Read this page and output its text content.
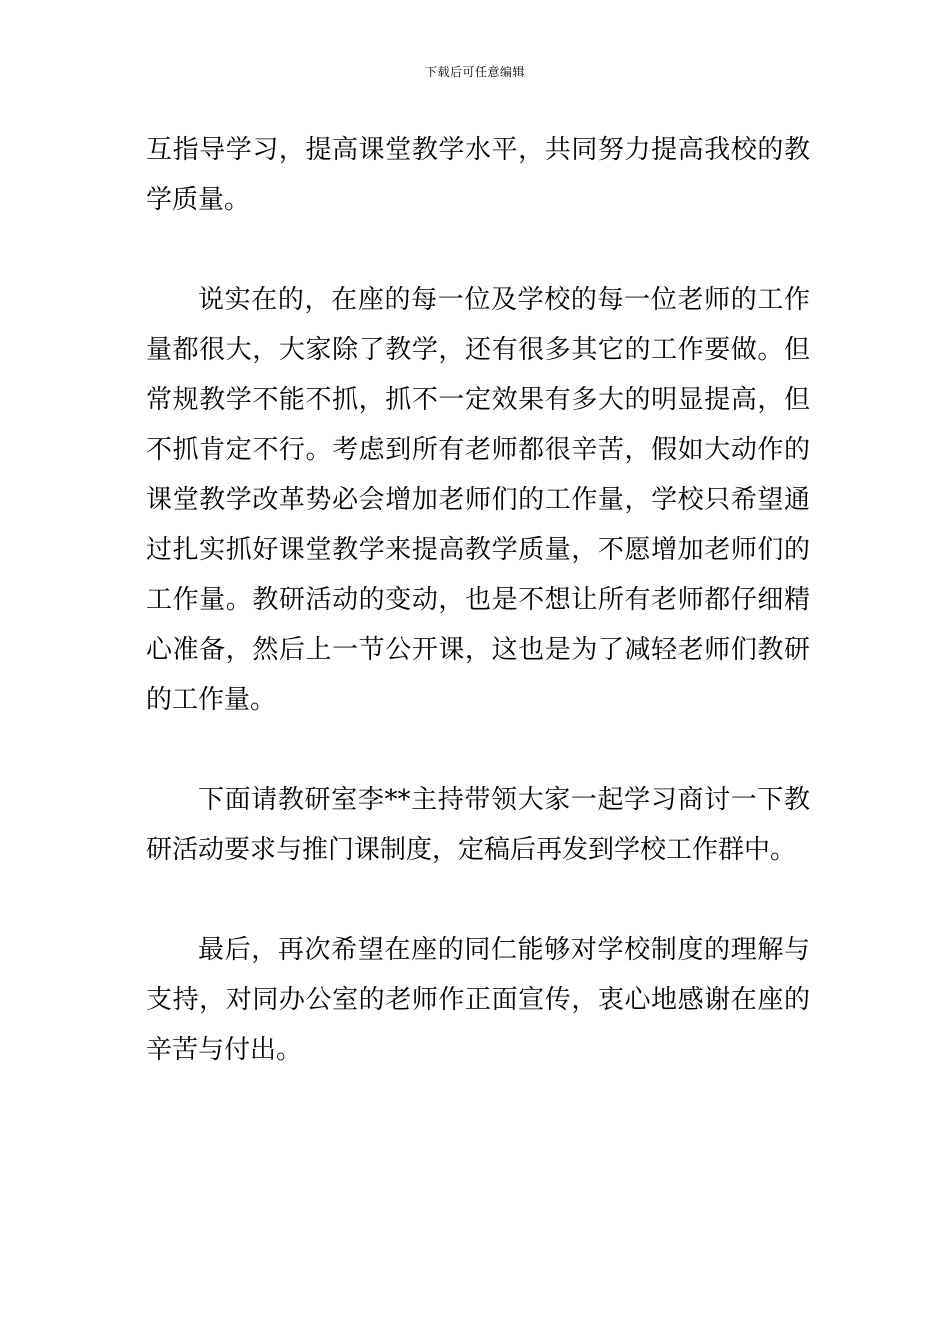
下载后可任意编辑

互指导学习，提高课堂教学水平，共同努力提高我校的教学质量。

说实在的，在座的每一位及学校的每一位老师的工作量都很大，大家除了教学，还有很多其它的工作要做。但常规教学不能不抓，抓不一定效果有多大的明显提高，但不抓肯定不行。考虑到所有老师都很辛苦，假如大动作的课堂教学改革势必会增加老师们的工作量，学校只希望通过扎实抓好课堂教学来提高教学质量，不愿增加老师们的工作量。教研活动的变动，也是不想让所有老师都仔细精心准备，然后上一节公开课，这也是为了减轻老师们教研的工作量。

下面请教研室李**主持带领大家一起学习商讨一下教研活动要求与推门课制度，定稿后再发到学校工作群中。

最后，再次希望在座的同仁能够对学校制度的理解与支持，对同办公室的老师作正面宣传，衷心地感谢在座的辛苦与付出。
